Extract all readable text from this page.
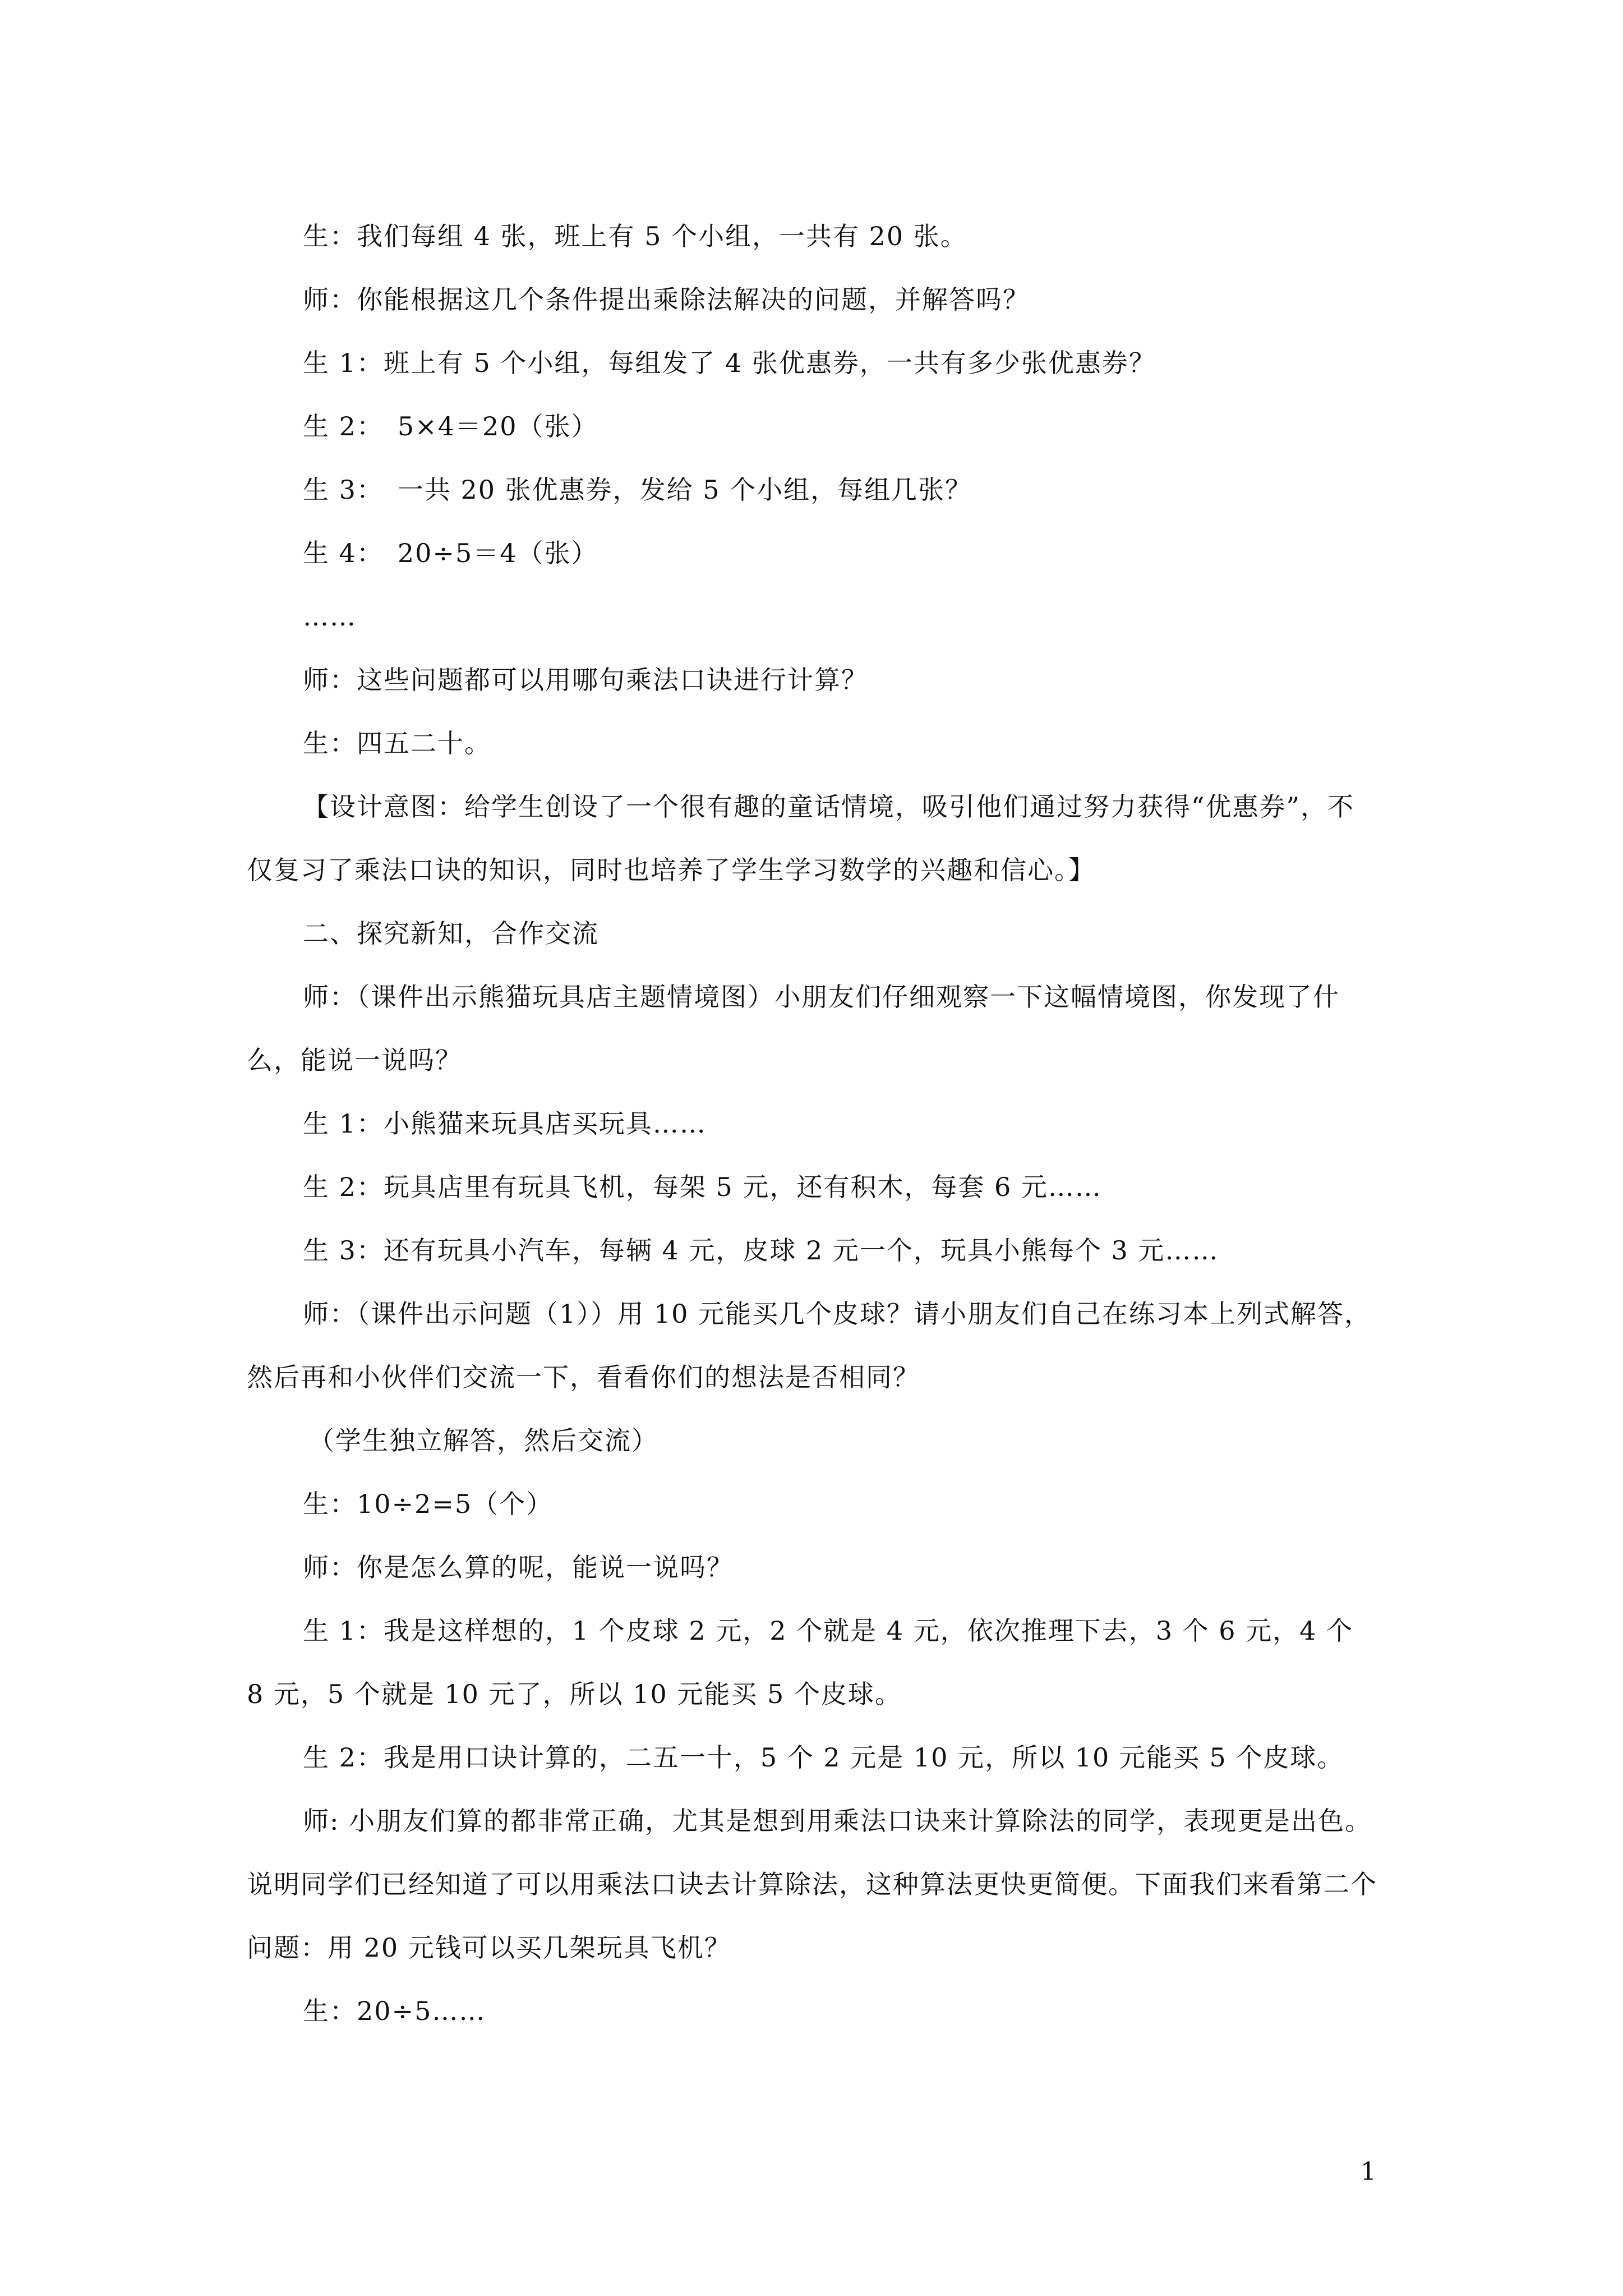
生：我们每组 4 张，班上有 5 个小组，一共有 20 张。

师：你能根据这几个条件提出乘除法解决的问题，并解答吗？

生 1：班上有 5 个小组，每组发了 4 张优惠券，一共有多少张优惠券？

生 2：　5×4＝20（张）

生 3：　一共 20 张优惠券，发给 5 个小组，每组几张？

生 4：　20÷5＝4（张）

……

师：这些问题都可以用哪句乘法口诀进行计算？

生：四五二十。

【设计意图：给学生创设了一个很有趣的童话情境，吸引他们通过努力获得“优惠券”，不仅复习了乘法口诀的知识，同时也培养了学生学习数学的兴趣和信心。】

二、探究新知，合作交流

师：（课件出示熊猫玩具店主题情境图）小朋友们仔细观察一下这幅情境图，你发现了什么，能说一说吗？

生 1：小熊猫来玩具店买玩具……

生 2：玩具店里有玩具飞机，每架 5 元，还有积木，每套 6 元……

生 3：还有玩具小汽车，每辆 4 元，皮球 2 元一个，玩具小熊每个 3 元……

师：（课件出示问题（1））用 10 元能买几个皮球？请小朋友们自己在练习本上列式解答，然后再和小伙伴们交流一下，看看你们的想法是否相同？

（学生独立解答，然后交流）

生：10÷2=5（个）

师：你是怎么算的呢，能说一说吗？

生 1：我是这样想的，1 个皮球 2 元，2 个就是 4 元，依次推理下去，3 个 6 元，4 个 8 元，5 个就是 10 元了，所以 10 元能买 5 个皮球。

生 2：我是用口诀计算的，二五一十，5 个 2 元是 10 元，所以 10 元能买 5 个皮球。

师: 小朋友们算的都非常正确，尤其是想到用乘法口诀来计算除法的同学，表现更是出色。说明同学们已经知道了可以用乘法口诀去计算除法，这种算法更快更简便。下面我们来看第二个问题：用 20 元钱可以买几架玩具飞机？

生：20÷5……

1
